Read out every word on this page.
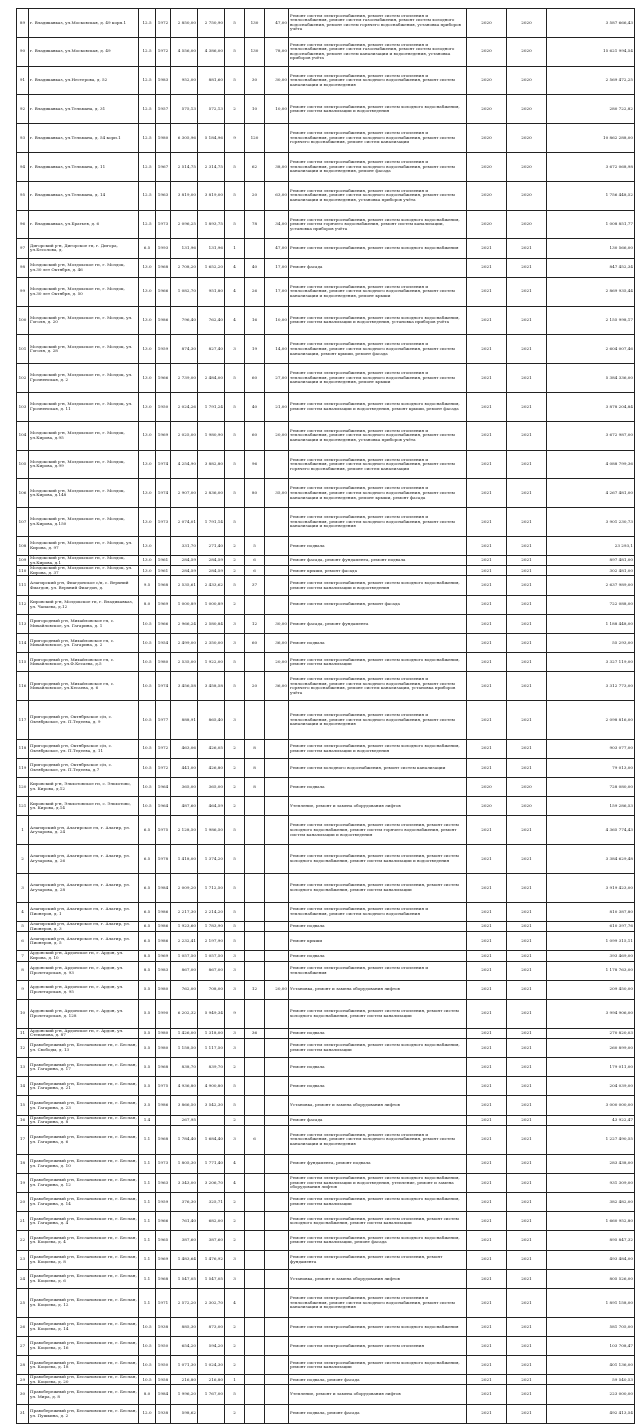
89	г. Владикавказ, ул.Московская, д. 49 корп.1	12.5	1972	2 850,00	2 750,90	5	130	47,00	Ремонт систем электроснабжения, ремонт систем отопления и теплоснабжения, ремонт систем газоснабжения, ремонт систем холодного водоснабжения, ремонт систем горячего водоснабжения, установка приборов учёта	2020	2020	3 587 666,43
90	г. Владикавказ, ул.Московская, д. 49	12.5	1972	4 556,00	4 386,00	5	130	78,00	Ремонт систем электроснабжения, ремонт систем отопления и теплоснабжения, ремонт систем газоснабжения, ремонт систем холодного водоснабжения, ремонт систем канализации и водоотведения, установка приборов учёта	2020	2020	15 621 994,54
91	г. Владикавказ, ул.Нестерова, д. 52	12.5	1983	952,00	881,60	5	30	30,00	Ремонт систем электроснабжения, ремонт систем отопления и теплоснабжения, ремонт систем холодного водоснабжения, ремонт систем канализации и водоотведения	2020	2020	2 569 472,25
92	г. Владикавказ, ул.Тельмана, д. 31	12.5	1957	575,13	572,13	2	10	10,00	Ремонт систем электроснабжения, ремонт систем холодного водоснабжения, ремонт систем канализации и водоотведения	2020	2020	280 722,82
93	г. Владикавказ, ул.Тельмана, д. 54 корп.1	12.5	1980	6 305,96	5 184,96	9	120		Ремонт систем электроснабжения, ремонт систем отопления и теплоснабжения, ремонт систем холодного водоснабжения, ремонт систем горячего водоснабжения, ремонт систем канализации	2020	2020	10 862 288,00
94	г. Владикавказ, ул.Тельмана, д. 11	12.5	1967	2 514,75	2 314,75	5	62	38,00	Ремонт систем электроснабжения, ремонт систем отопления и теплоснабжения, ремонт систем холодного водоснабжения, ремонт систем канализации и водоотведения, ремонт фасада	2020	2020	3 672 068,98
95	г. Владикавказ, ул.Тельмана, д. 14	12.5	1963	3 819,00	3 819,00	5	20	63,00	Ремонт систем электроснабжения, ремонт систем отопления и теплоснабжения, ремонт систем холодного водоснабжения, ремонт систем канализации и водоотведения, установка приборов учёта	2020	2020	1 756 448,52
96	г. Владикавказ, ул.Братьев, д. 6	12.5	1973	2 096,25	1 893,75	5	78	34,00	Ремонт систем электроснабжения, ремонт систем холодного водоснабжения, ремонт систем горячего водоснабжения, ремонт систем канализации, установка приборов учёта	2020	2020	1 008 851,77
97	Дигорский р-н, Дигорское гп, г. Дигора, ул.Бесолова, д.	6.5	1993	131,96	131,96	1		47,00	Ремонт систем электроснабжения, ремонт систем холодного водоснабжения	2021	2021	130 566,00
98	Моздокский р-н, Моздокское гп, г. Моздок, ул.30 лет Октября, д. 46	13.0	1968	2 708,20	1 652,20	4	40	17,00	Ремонт фасада	2021	2021	847 452,34
99	Моздокский р-н, Моздокское гп, г. Моздок, ул.30 лет Октября, д. 50	13.0	1966	1 082,70	951,80	4	26	17,00	Ремонт систем электроснабжения, ремонт систем отопления и теплоснабжения, ремонт систем холодного водоснабжения, ремонт систем канализации и водоотведения, ремонт крыши	2021	2021	2 869 935,44
100	Моздокский р-н, Моздокское гп, г. Моздок, ул. Гоголя, д. 20	13.0	1986	796,40	762,40	4	16	10,00	Ремонт систем электроснабжения, ремонт систем холодного водоснабжения, ремонт систем канализации и водоотведения, установка приборов учёта	2021	2021	2 155 998,17
101	Моздокский р-н, Моздокское гп, г. Моздок, ул. Гоголя, д. 28	13.0	1959	874,30	827,40	3	19	14,00	Ремонт систем электроснабжения, ремонт систем отопления и теплоснабжения, ремонт систем холодного водоснабжения, ремонт систем канализации, ремонт крыши, ремонт фасада	2021	2021	2 604 007,46
102	Моздокский р-н, Моздокское гп, г. Моздок, ул. Грозненская, д. 2	13.0	1966	2 739,00	2 484,00	5	60	27,00	Ремонт систем электроснабжения, ремонт систем отопления и теплоснабжения, ремонт систем холодного водоснабжения, ремонт систем канализации и водоотведения, ремонт крыши	2021	2021	5 384 336,00
103	Моздокский р-н, Моздокское гп, г. Моздок, ул. Грозненская, д. 11	13.0	1950	2 024,26	1 791,24	5	40	21,00	Ремонт систем электроснабжения, ремонт систем холодного водоснабжения, ремонт систем канализации и водоотведения, ремонт крыши, ремонт фасада	2021	2021	3 878 204,84
104	Моздокский р-н, Моздокское гп, г. Моздок, ул.Кирова, д.95	13.0	1969	2 025,00	1 980,90	5	60	20,00	Ремонт систем электроснабжения, ремонт систем отопления и теплоснабжения, ремонт систем холодного водоснабжения, ремонт систем канализации и водоотведения, установка приборов учёта	2021	2021	3 672 987,00
105	Моздокский р-н, Моздокское гп, г. Моздок, ул.Кирова, д.99	13.0	1974	4 254,90	3 882,80	5	96		Ремонт систем электроснабжения, ремонт систем отопления и теплоснабжения, ремонт систем холодного водоснабжения, ремонт систем горячего водоснабжения, ремонт систем канализации	2021	2021	4 088 799,36
106	Моздокский р-н, Моздокское гп, г. Моздок, ул.Кирова, д.148	13.0	1974	2 907,00	2 836,00	5	80	35,00	Ремонт систем электроснабжения, ремонт систем отопления и теплоснабжения, ремонт систем холодного водоснабжения, ремонт систем канализации и водоотведения, ремонт крыши, ремонт фасада	2021	2021	4 267 481,00
107	Моздокский р-н, Моздокское гп, г. Моздок, ул.Кирова, д.150	13.0	1973	2 074,01	1 791,14	5			Ремонт систем электроснабжения, ремонт систем отопления и теплоснабжения, ремонт систем холодного водоснабжения, ремонт систем канализации и водоотведения	2021	2021	3 901 230,73
108	Моздокский р-н, Моздокское гп, г. Моздок, ул. Кирова, д. 97	13.0		331,70	271,40	2	5		Ремонт подвала	2021	2021	23 293,1
109	Моздокский р-н, Моздокское гп, г. Моздок, ул.Кирова, д.1	13.0	1961	284,59	284,59	2	6		Ремонт фасада, ремонт фундамента, ремонт подвала	2021	2021	897 481,00
110	Моздокский р-н, Моздокское гп, г. Моздок, ул. Кирова, д. 37	13.0	1961	284,59	284,59	2	6		Ремонт крыши, ремонт фасада	2021	2021	302 481,00
111	Алагирский р-н, Фиагдонское с/п, с. Верхний Фиагдон, ул. Верхний Фиагдон, д.	9.5	1968	2 535,61	2 433,62	5	37		Ремонт систем электроснабжения, ремонт систем холодного водоснабжения, ремонт систем канализации и водоотведения	2021	2021	2 637 989,00
112	Кировский р-н, Моздокское гп, г. Владикавказ, ул. Чапаева, д.12	8.0	1969	1 000,89	1 000,89	2			Ремонт систем электроснабжения, ремонт фасада	2021	2021	722 088,00
113	Пригородный р-н, Михайловское гп, с. Михайловское, ул. Гагарина, д. 1	10.5	1966	2 966,24	2 580,84	3	12	30,00	Ремонт фасада, ремонт фундамента	2021	2021	1 188 448,00
114	Пригородный р-н, Михайловское гп, с. Михайловское, ул. Гагарина, д. 2	10.5	1954	2 499,00	2 350,00	3	60	36,00	Ремонт подвала	2021	2021	55 293,00
115	Пригородный р-н, Михайловское гп, с. Михайловское, ул.Ф.Кесаева, д.5	10.5	1980	2 535,00	1 922,00	5		20,00	Ремонт систем электроснабжения, ремонт систем холодного водоснабжения, ремонт систем канализации	2021	2021	3 327 119,00
116	Пригородный р-н, Михайловское гп, с. Михайловское, ул.Кесаева, д. 6	10.5	1974	3 456,58	3 458,58	5	20	36,00	Ремонт систем электроснабжения, ремонт систем отопления и теплоснабжения, ремонт систем холодного водоснабжения, ремонт систем горячего водоснабжения, ремонт систем канализации, установка приборов учёта	2021	2021	3 312 773,00
117	Пригородный р-н, Октябрьское с/п, с. Октябрьское, ул. П.Тедеева, д. 9	10.5	1977	888,91	865,40	3			Ремонт систем электроснабжения, ремонт систем отопления и теплоснабжения, ремонт систем холодного водоснабжения, ремонт систем канализации и водоотведения	2021	2021	2 098 816,00
118	Пригородный р-н, Октябрьское с/п, с. Октябрьское, ул. П.Тедеева, д. 11	10.5	1972	463,06	426,05	2	8		Ремонт систем электроснабжения, ремонт систем холодного водоснабжения, ремонт систем канализации и водоотведения	2021	2021	903 077,00
119	Пригородный р-н, Октябрьское с/п, с. Октябрьское, ул. П.Тедеева, д.7	10.5	1972	441,00	426,80	2	8		Ремонт систем холодного водоснабжения, ремонт систем канализации	2021	2021	79 013,00
120	Кировский р-н, Эльхотовское гп, с. Эльхотово, ул. Кирова, д.12	10.5	1964	365,00	365,00	2	8		Ремонт подвала	2020	2020	728 080,00
121	Кировский р-н, Эльхотовское гп, с. Эльхотово, ул. Кирова, д.14	10.5	1964	487,60	464,59	2			Утепление, ремонт и замена оборудования лифтов	2020	2020	159 286,53
1	Алагирский р-н, Алагирское гп, г. Алагир, ул. Агузарова, д. 24	6.5	1975	2 128,50	1 986,50	5			Ремонт систем электроснабжения, ремонт систем отопления, ремонт систем холодного водоснабжения, ремонт систем горячего водоснабжения, ремонт систем канализации и водоотведения	2021	2021	4 365 774,43
2	Алагирский р-н, Алагирское гп, г. Алагир, ул. Агузарова, д. 26	6.5	1978	1 418,00	1 374,20	5			Ремонт систем электроснабжения, ремонт систем отопления, ремонт систем холодного водоснабжения, ремонт систем канализации и водоотведения	2021	2021	3 384 629,48
3	Алагирский р-н, Алагирское гп, г. Алагир, ул. Агузарова, д. 28	6.5	1984	2 009,20	1 712,50	5			Ремонт систем электроснабжения, ремонт систем отопления, ремонт систем холодного водоснабжения, ремонт систем канализации	2021	2021	3 919 423,00
4	Алагирский р-н, Алагирское гп, г. Алагир, ул. Пионеров, д. 1	6.5	1986	2 217,30	2 214,20	5			Ремонт систем электроснабжения, ремонт систем отопления и теплоснабжения, ремонт систем холодного водоснабжения	2021	2021	810 387,80
5	Алагирский р-н, Алагирское гп, г. Алагир, ул. Пионеров, д. 3	6.5	1986	1 923,60	1 783,90	5			Ремонт подвала	2021	2021	610 397,76
6	Алагирский р-н, Алагирское гп, г. Алагир, ул. Пионеров, д. 5	6.5	1986	2 232,41	2 197,90	5			Ремонт крыши	2021	2021	1 099 315,11
7	Ардонский р-н, Ардонское гп, г. Ардон, ул. Кирова, д. 10	8.5	1969	1 057,50	1 057,50	3			Ремонт подвала	2021	2021	393 469,00
8	Ардонский р-н, Ардонское гп, г. Ардон, ул. Пролетарская, д. 93	8.5	1983	867,00	867,00	3			Ремонт систем электроснабжения, ремонт систем отопления и теплоснабжения	2021	2021	1 178 763,00
9	Ардонский р-н, Ардонское гп, г. Ардон, ул. Пролетарская, д. 95	5.5	1980	762,00	708,00	3	12	20,00	Установка, ремонт и замена оборудования лифтов	2021	2021	209 450,00
10	Ардонский р-н, Ардонское гп, г. Ардон, ул. Пролетарская, д. 128	5.5	1990	6 202,32	5 949,34	9			Ремонт систем электроснабжения, ремонт систем отопления, ремонт систем холодного водоснабжения, ремонт систем канализации	2021	2021	3 994 906,00
11	Ардонский р-н, Ардонское гп, г. Ардон, ул. Степанова, д. 87	5.5	1980	1 426,00	1 318,00	3	36		Ремонт подвала	2021	2021	270 820,03
12	Правобережный р-н, Беслановское гп, г. Беслан, ул. Свободы, д. 13	5.5	1980	1 158,50	1 117,50	3			Ремонт систем электроснабжения, ремонт систем холодного водоснабжения, ремонт систем канализации	2021	2021	260 899,00
13	Правобережный р-н, Беслановское гп, г. Беслан, ул. Гагарина, д. 17	5.5	1968	838,70	839,70	2			Ремонт подвала	2021	2021	179 011,00
14	Правобережный р-н, Беслановское гп, г. Беслан, ул. Гагарина, д. 21	5.5	1975	4 936,80	4 900,80	5			Ремонт подвала	2021	2021	204 039,00
15	Правобережный р-н, Беслановское гп, г. Беслан, ул. Гагарина, д. 23	3.5	1986	3 866,50	3 542,30	5			Установка, ремонт и замена оборудования лифтов	2021	2021	3 000 000,00
16	Правобережный р-н, Беслановское гп, г. Беслан, ул. Гагарина, д. 8	1.4		267,95		2			Ремонт фасада	2021	2021	43 922,47
17	Правобережный р-н, Беслановское гп, г. Беслан, ул. Гагарина, д. 6	1.1	1968	1 784,40	1 684,40	3	6		Ремонт систем электроснабжения, ремонт систем отопления и теплоснабжения, ремонт систем холодного водоснабжения, ремонт систем канализации и водоотведения	2021	2021	1 227 490,55
18	Правобережный р-н, Беслановское гп, г. Беслан, ул. Гагарина, д. 10	1.1	1973	1 805,30	1 771,40	4			Ремонт фундамента, ремонт подвала	2021	2021	283 438,00
19	Правобережный р-н, Беслановское гп, г. Беслан, ул. Гагарина, д. 12	1.1	1963	3 343,00	3 206,70	4			Ремонт систем электроснабжения, ремонт систем холодного водоснабжения, ремонт систем канализации и водоотведения, утепление, ремонт и замена оборудования лифтов	2021	2021	931 309,00
20	Правобережный р-н, Беслановское гп, г. Беслан, ул. Гагарина, д. 14	1.1	1959	376,30	325,71	2			Ремонт систем электроснабжения, ремонт систем холодного водоснабжения, ремонт систем канализации	2021	2021	382 482,00
21	Правобережный р-н, Беслановское гп, г. Беслан, ул. Гагарина, д. 4	1.1	1966	761,40	682,00	2			Ремонт систем электроснабжения, ремонт систем отопления, ремонт систем холодного водоснабжения, ремонт систем канализации	2021	2021	1 660 952,80
22	Правобережный р-н, Беслановское гп, г. Беслан, ул. Коцоева, д. 4	1.1	1965	387,60	387,60	2			Ремонт систем электроснабжения, ремонт систем холодного водоснабжения, ремонт систем канализации, ремонт фасада	2021	2021	895 847,32
23	Правобережный р-н, Беслановское гп, г. Беслан, ул. Коцоева, д. 8	1.1	1969	1 483,64	1 476,92	3			Ремонт систем электроснабжения, ремонт систем отопления, ремонт фундамента	2021	2021	493 484,00
24	Правобережный р-н, Беслановское гп, г. Беслан, ул. Коцоева, д. 6	1.1	1968	1 547,05	1 547,05	3			Установка, ремонт и замена оборудования лифтов	2021	2021	805 526,00
25	Правобережный р-н, Беслановское гп, г. Беслан, ул. Коцоева, д. 12	1.1	1971	2 572,20	2 302,70	4			Ремонт систем электроснабжения, ремонт систем отопления и теплоснабжения, ремонт систем холодного водоснабжения, ремонт систем канализации и водоотведения	2021	2021	1 891 158,00
26	Правобережный р-н, Беслановское гп, г. Беслан, ул. Коцоева, д. 14	10.5	1938	885,30	873,00	2			Ремонт систем электроснабжения, ремонт систем холодного водоснабжения	2021	2021	581 705,00
27	Правобережный р-н, Беслановское гп, г. Беслан, ул. Коцоева, д. 16	10.5	1950	654,20	594,20	2			Ремонт систем электроснабжения, ремонт систем отопления	2021	2021	103 708,47
28	Правобережный р-н, Беслановское гп, г. Беслан, ул. Коцоева, д. 18	10.5	1950	1 071,30	1 024,30	2			Ремонт систем электроснабжения, ремонт систем холодного водоснабжения, ремонт систем канализации	2021	2021	401 136,00
29	Правобережный р-н, Беслановское гп, г. Беслан, ул. Коцоева, д. 20	10.5	1958	216,80	216,80	1			Ремонт подвала, ремонт фасада	2021	2021	59 540,53
30	Правобережный р-н, Беслановское гп, г. Беслан, ул. Мира, д. 8	8.0	1984	1 996,20	1 767,00	5			Утепление, ремонт и замена оборудования лифтов	2021	2021	223 000,00
31	Правобережный р-н, Беслановское гп, г. Беслан, ул. Пушкина, д. 2	12.0	1938	598,62		2			Ремонт подвала, ремонт фасада	2021	2021	492 413,54
